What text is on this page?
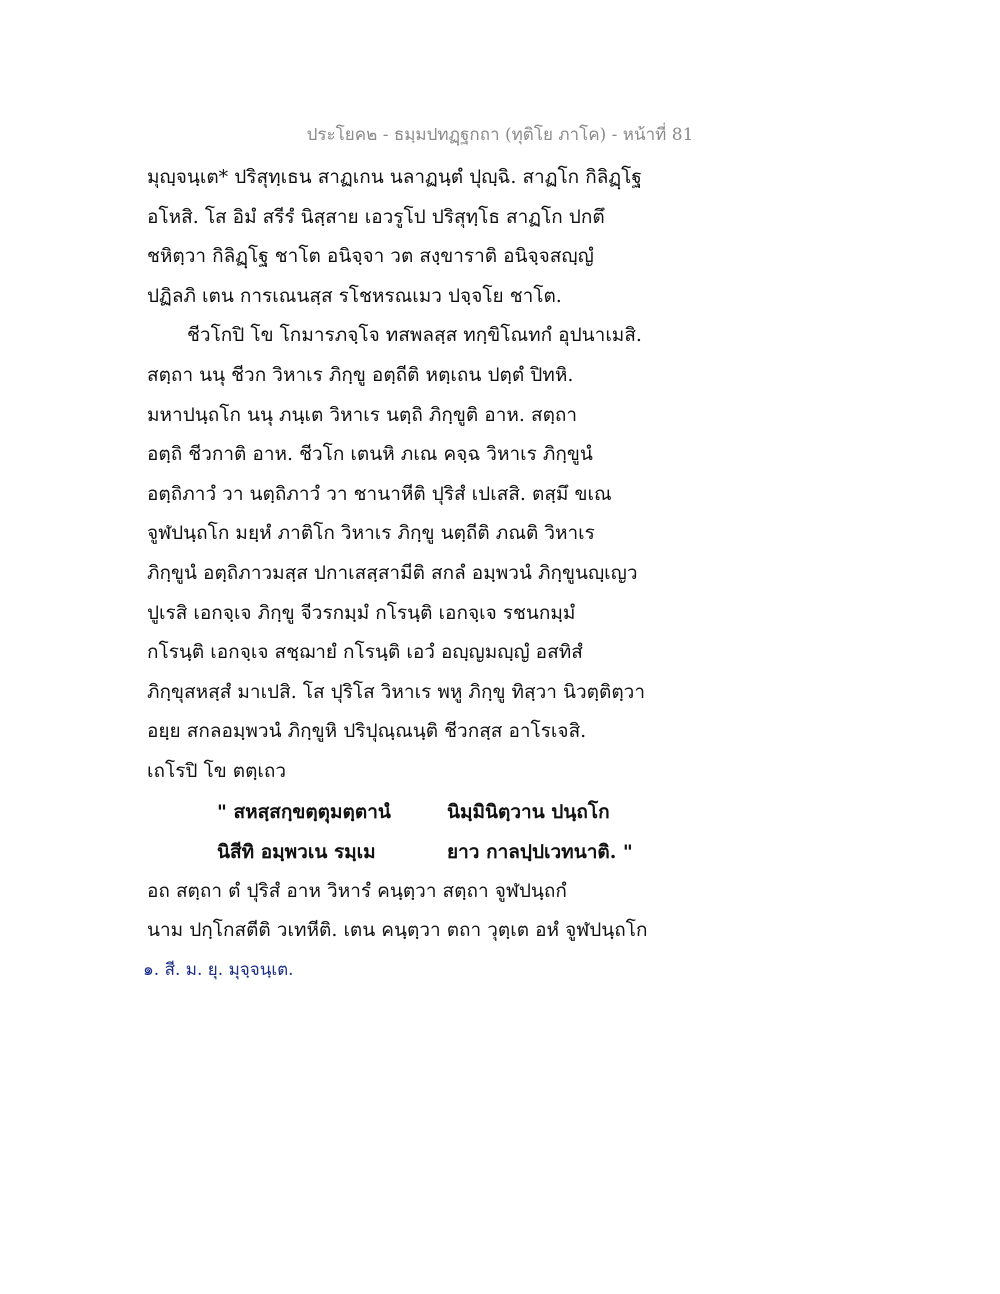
ประโยค๒ - ธมฺมปทฏฺฐกถา (ทุติโย ภาโค) - หน้าที่ 81
มุญฺจนฺเต* ปริสุทฺเธน สาฏเกน นลาฏนฺตํ ปุญฺฉิ. สาฏโก กิลิฏฺโฐ
อโหสิ. โส อิมํ สรีรํ นิสฺสาย เอวรูโป ปริสุทฺโธ สาฏโก ปกตึ
ชหิตฺวา กิลิฏฺโฐ ชาโต อนิจฺจา วต สงฺขาราติ อนิจฺจสญฺญํ
ปฏิลภิ เตน การเณนสฺส รโชหรณเมว ปจฺจโย ชาโต.
ชีวโกปิ โข โกมารภจฺโจ ทสพลสฺส ทกฺขิโณทกํ อุปนาเมสิ.
สตฺถา นนุ ชีวก วิหาเร ภิกฺขู อตฺถีติ หตฺเถน ปตฺตํ ปิทหิ.
มหาปนฺถโก นนุ ภนฺเต วิหาเร นตฺถิ ภิกฺขูติ อาห. สตฺถา
อตฺถิ ชีวกาติ อาห. ชีวโก เตนหิ ภเณ คจฺฉ วิหาเร ภิกฺขูนํ
อตฺถิภาวํ วา นตฺถิภาวํ วา ชานาหีติ ปุริสํ เปเสสิ. ตสฺมึ ขเณ
จูฬปนฺถโก มยฺหํ ภาติโก วิหาเร ภิกฺขู นตฺถีติ ภณติ วิหาเร
ภิกฺขูนํ อตฺถิภาวมสฺส ปกาเสสฺสามีติ สกลํ อมฺพวนํ ภิกฺขูนญฺเญว
ปูเรสิ เอกจฺเจ ภิกฺขู จีวรกมฺมํ กโรนฺติ เอกจฺเจ รชนกมฺมํ
กโรนฺติ เอกจฺเจ สชฺฌายํ กโรนฺติ เอวํ อญฺญมญฺญํ อสทิสํ
ภิกฺขุสหสฺสํ มาเปสิ. โส ปุริโส วิหาเร พหู ภิกฺขู ทิสฺวา นิวตฺติตฺวา
อยฺย สกลอมฺพวนํ ภิกฺขูหิ ปริปุณฺณนฺติ ชีวกสฺส อาโรเจสิ.
เถโรปิ โข ตตฺเถว
" สหสฺสกฺขตฺตุมตฺตานํ	นิมฺมินิตฺวาน ปนฺถโก
นิสีทิ อมฺพวเน รมฺเม	ยาว กาลปฺปเวทนาติ. "
อถ สตฺถา ตํ ปุริสํ อาห วิหารํ คนฺตฺวา สตฺถา จูฬปนฺถกํ
นาม ปกฺโกสตีติ วเทหีติ. เตน คนฺตฺวา ตถา วุตฺเต อหํ จูฬปนฺถโก
๑. สี. ม. ยุ. มุจฺจนฺเต.
